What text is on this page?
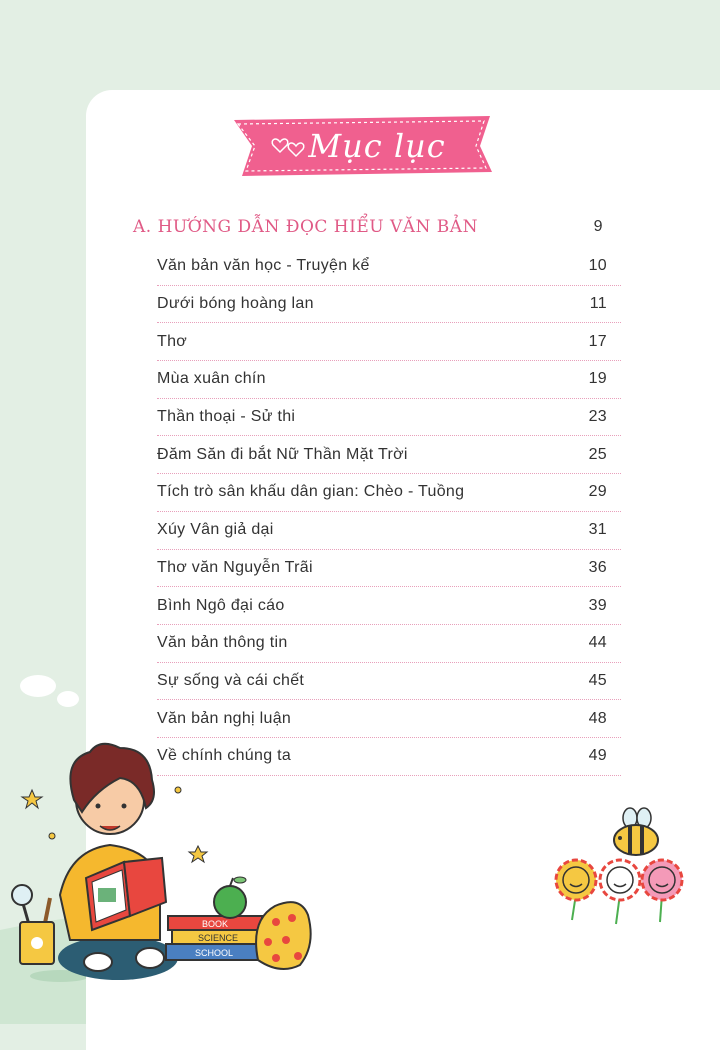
Mục lục
A. HƯỚNG DẪN ĐỌC HIỂU VĂN BẢN	9
Văn bản văn học - Truyện kể	10
Dưới bóng hoàng lan	11
Thơ	17
Mùa xuân chín	19
Thần thoại - Sử thi	23
Đăm Săn đi bắt Nữ Thần Mặt Trời	25
Tích trò sân khấu dân gian: Chèo - Tuồng	29
Xúy Vân giả dại	31
Thơ văn Nguyễn Trãi	36
Bình Ngô đại cáo	39
Văn bản thông tin	44
Sự sống và cái chết	45
Văn bản nghị luận	48
Về chính chúng ta	49
BOOK
SCIENCE
SCHOOL
